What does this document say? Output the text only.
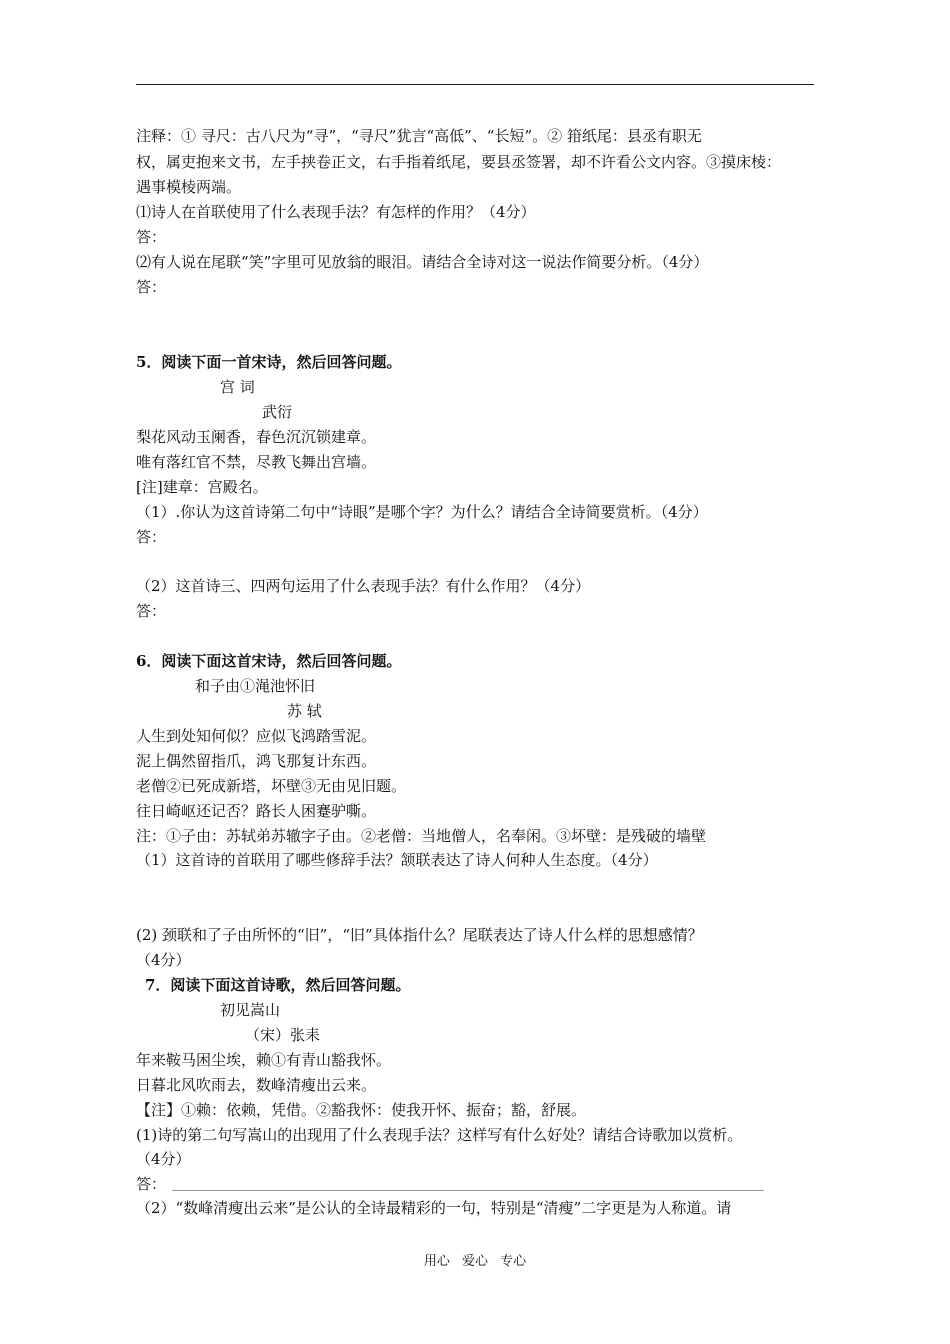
注释：① 寻尺：古八尺为“寻”，“寻尺”犹言“高低”、“长短”。② 箝纸尾：县丞有职无
权，属吏抱来文书，左手挟卷正文，右手指着纸尾，要县丞签署，却不许看公文内容。③摸床棱：
遇事模棱两端。
⑴诗人在首联使用了什么表现手法？有怎样的作用？（4分）
答：
⑵有人说在尾联“笑”字里可见放翁的眼泪。请结合全诗对这一说法作简要分析。（4分）
答：
5．阅读下面一首宋诗，然后回答问题。
宫 词
武衍
梨花风动玉阑香，春色沉沉锁建章。
唯有落红官不禁，尽教飞舞出宫墙。
[注]建章：宫殿名。
（1）.你认为这首诗第二句中“诗眼”是哪个字？为什么？请结合全诗简要赏析。（4分）
答：
（2）这首诗三、四两句运用了什么表现手法？有什么作用？（4分）
答：
6．阅读下面这首宋诗，然后回答问题。
和子由①渑池怀旧
苏 轼
人生到处知何似？应似飞鸿踏雪泥。
泥上偶然留指爪，鸿飞那复计东西。
老僧②已死成新塔，坏壁③无由见旧题。
往日崎岖还记否？路长人困蹇驴嘶。
注：①子由：苏轼弟苏辙字子由。②老僧：当地僧人，名奉闲。③坏壁：是残破的墙壁
（1）这首诗的首联用了哪些修辞手法？颔联表达了诗人何种人生态度。（4分）
(2) 颈联和了子由所怀的“旧”，“旧”具体指什么？尾联表达了诗人什么样的思想感情？
（4分）
7．阅读下面这首诗歌，然后回答问题。
初见嵩山
（宋）张耒
年来鞍马困尘埃，赖①有青山豁我怀。
日暮北风吹雨去，数峰清瘦出云来。
【注】①赖：依赖，凭借。②豁我怀：使我开怀、振奋；豁，舒展。
(1)诗的第二句写嵩山的出现用了什么表现手法？这样写有什么好处？请结合诗歌加以赏析。
（4分）
答：
（2）“数峰清瘦出云来”是公认的全诗最精彩的一句，特别是“清瘦”二字更是为人称道。请
用心 爱心 专心
